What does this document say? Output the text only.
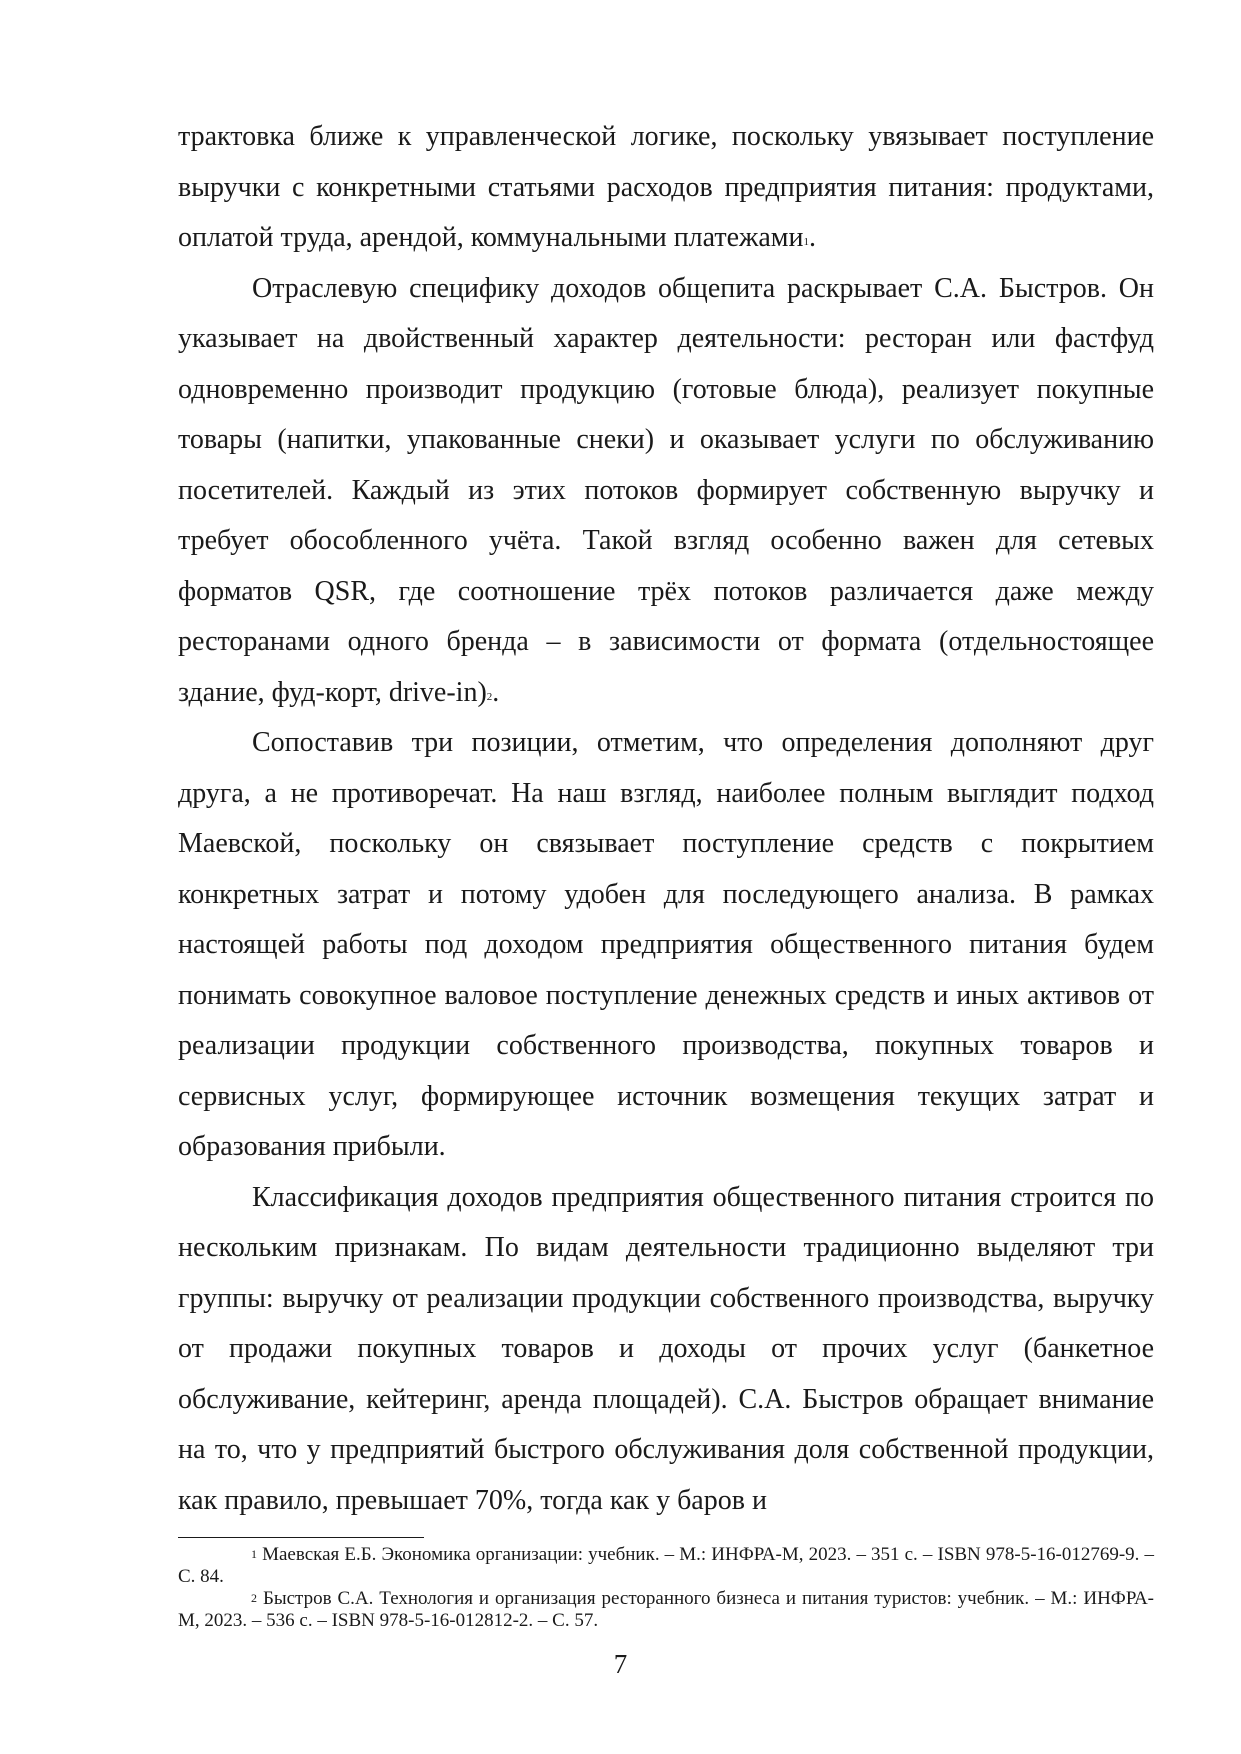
трактовка ближе к управленческой логике, поскольку увязывает поступление выручки с конкретными статьями расходов предприятия питания: продуктами, оплатой труда, арендой, коммунальными платежами$^1$.

Отраслевую специфику доходов общепита раскрывает С.А. Быстров. Он указывает на двойственный характер деятельности: ресторан или фастфуд одновременно производит продукцию (готовые блюда), реализует покупные товары (напитки, упакованные снеки) и оказывает услуги по обслуживанию посетителей. Каждый из этих потоков формирует собственную выручку и требует обособленного учёта. Такой взгляд особенно важен для сетевых форматов QSR, где соотношение трёх потоков различается даже между ресторанами одного бренда – в зависимости от формата (отдельностоящее здание, фуд-корт, drive-in)$^2$.

Сопоставив три позиции, отметим, что определения дополняют друг друга, а не противоречат. На наш взгляд, наиболее полным выглядит подход Маевской, поскольку он связывает поступление средств с покрытием конкретных затрат и потому удобен для последующего анализа. В рамках настоящей работы под доходом предприятия общественного питания будем понимать совокупное валовое поступление денежных средств и иных активов от реализации продукции собственного производства, покупных товаров и сервисных услуг, формирующее источник возмещения текущих затрат и образования прибыли.

Классификация доходов предприятия общественного питания строится по нескольким признакам. По видам деятельности традиционно выделяют три группы: выручку от реализации продукции собственного производства, выручку от продажи покупных товаров и доходы от прочих услуг (банкетное обслуживание, кейтеринг, аренда площадей). С.А. Быстров обращает внимание на то, что у предприятий быстрого обслуживания доля собственной продукции, как правило, превышает 70%, тогда как у баров и

$^1$ Маевская Е.Б. Экономика организации: учебник. – М.: ИНФРА-М, 2023. – 351 с. – ISBN 978-5-16-012769-9. – С. 84.

$^2$ Быстров С.А. Технология и организация ресторанного бизнеса и питания туристов: учебник. – М.: ИНФРА-М, 2023. – 536 с. – ISBN 978-5-16-012812-2. – С. 57.

7
